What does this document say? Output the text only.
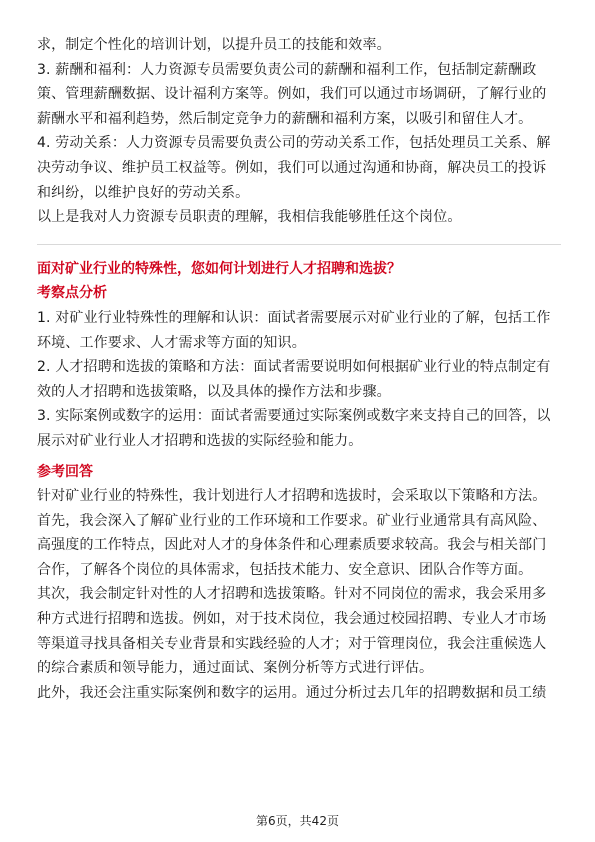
求，制定个性化的培训计划，以提升员工的技能和效率。

3. 薪酬和福利：人力资源专员需要负责公司的薪酬和福利工作，包括制定薪酬政
策、管理薪酬数据、设计福利方案等。例如，我们可以通过市场调研，了解行业的
薪酬水平和福利趋势，然后制定竞争力的薪酬和福利方案，以吸引和留住人才。

4. 劳动关系：人力资源专员需要负责公司的劳动关系工作，包括处理员工关系、解
决劳动争议、维护员工权益等。例如，我们可以通过沟通和协商，解决员工的投诉
和纠纷，以维护良好的劳动关系。

以上是我对人力资源专员职责的理解，我相信我能够胜任这个岗位。

面对矿业行业的特殊性，您如何计划进行人才招聘和选拔？

考察点分析

1. 对矿业行业特殊性的理解和认识：面试者需要展示对矿业行业的了解，包括工作
环境、工作要求、人才需求等方面的知识。

2. 人才招聘和选拔的策略和方法：面试者需要说明如何根据矿业行业的特点制定有
效的人才招聘和选拔策略，以及具体的操作方法和步骤。

3. 实际案例或数字的运用：面试者需要通过实际案例或数字来支持自己的回答，以
展示对矿业行业人才招聘和选拔的实际经验和能力。

参考回答

针对矿业行业的特殊性，我计划进行人才招聘和选拔时，会采取以下策略和方法。

首先，我会深入了解矿业行业的工作环境和工作要求。矿业行业通常具有高风险、
高强度的工作特点，因此对人才的身体条件和心理素质要求较高。我会与相关部门
合作，了解各个岗位的具体需求，包括技术能力、安全意识、团队合作等方面。

其次，我会制定针对性的人才招聘和选拔策略。针对不同岗位的需求，我会采用多
种方式进行招聘和选拔。例如，对于技术岗位，我会通过校园招聘、专业人才市场
等渠道寻找具备相关专业背景和实践经验的人才；对于管理岗位，我会注重候选人
的综合素质和领导能力，通过面试、案例分析等方式进行评估。

此外，我还会注重实际案例和数字的运用。通过分析过去几年的招聘数据和员工绩

第6页，共42页
